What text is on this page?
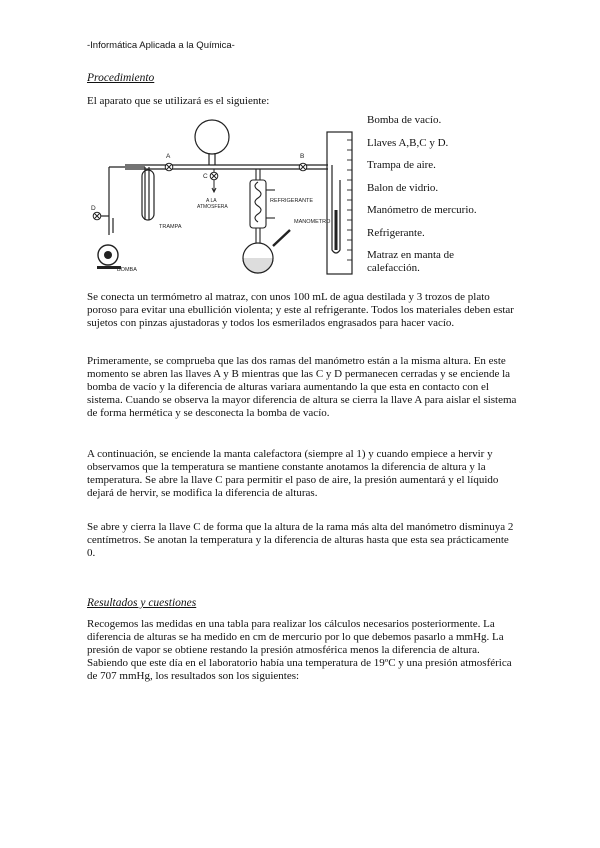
-Informática Aplicada a la Química-
Procedimiento

El aparato que se utilizará es el siguiente:

A	B
C
D
A LA
ATMOSFERA
TRAMPA
BOMBA
REFRIGERANTE
MANOMETRO
Bomba de vacío.
Llaves A,B,C y D.
Trampa de aire.
Balon de vidrio.
Manómetro de mercurio.
Refrigerante.
Matraz en manta de calefacción.

Se conecta un termómetro al matraz, con unos 100 mL de agua destilada y 3 trozos de plato poroso para evitar una ebullición violenta; y este al refrigerante. Todos los materiales deben estar sujetos con pinzas ajustadoras y todos los esmerilados engrasados para hacer vacío.

Primeramente, se comprueba que las dos ramas del manómetro están a la misma altura. En este momento se abren las llaves A y B mientras que las C y D permanecen cerradas y se enciende la bomba de vacío y la diferencia de alturas variara aumentando la que esta en contacto con el sistema. Cuando se observa la mayor diferencia de altura se cierra la llave A para aislar el sistema de forma hermética y se desconecta la bomba de vacío.

A continuación, se enciende la manta calefactora (siempre al 1) y cuando empiece a hervir y observamos que la temperatura se mantiene constante anotamos la diferencia de altura y la temperatura. Se abre la llave C para permitir el paso de aire, la presión aumentará y el líquido dejará de hervir, se modifica la diferencia de alturas.

Se abre y cierra la llave C de forma que la altura de la rama más alta del manómetro disminuya 2 centímetros. Se anotan la temperatura y la diferencia de alturas hasta que esta sea prácticamente 0.

Resultados y cuestiones

Recogemos las medidas en una tabla para realizar los cálculos necesarios posteriormente. La diferencia de alturas se ha medido en cm de mercurio por lo que debemos pasarlo a mmHg. La presión de vapor se obtiene restando la presión atmosférica menos la diferencia de altura. Sabiendo que este día en el laboratorio había una temperatura de 19ºC y una presión atmosférica de 707 mmHg, los resultados son los siguientes:
